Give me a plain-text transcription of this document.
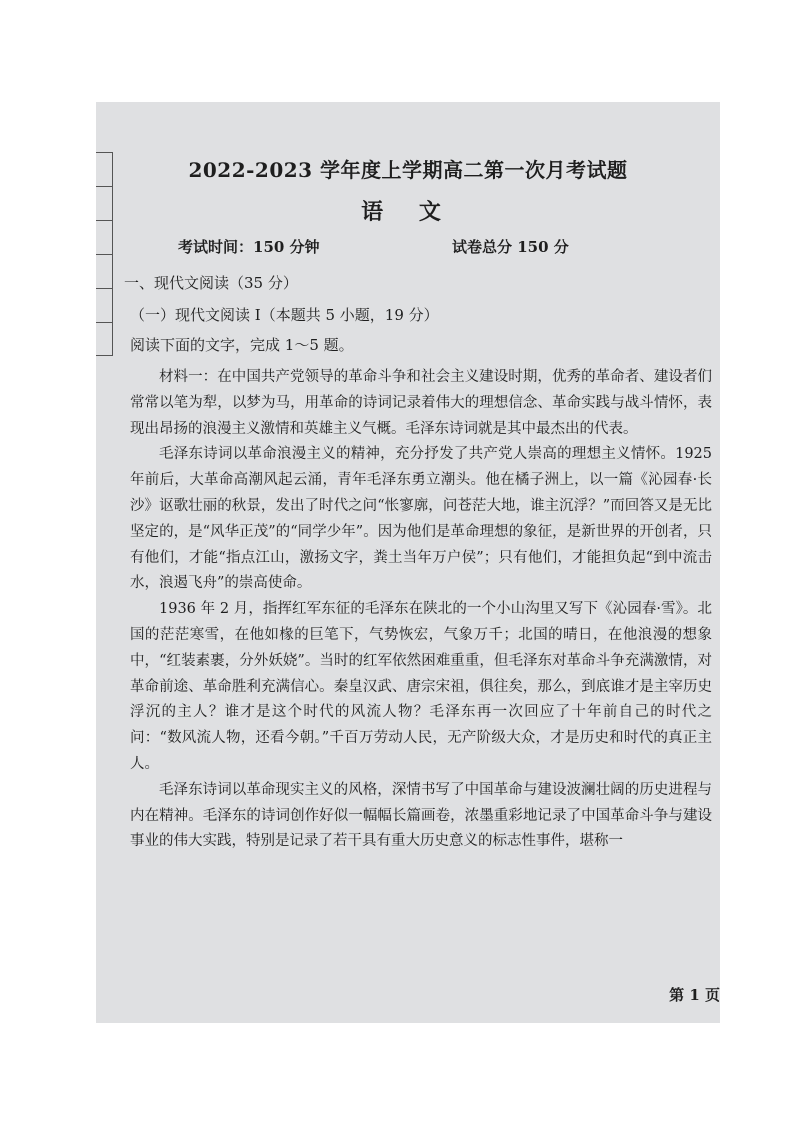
2022-2023 学年度上学期高二第一次月考试题
语 文
考试时间：150 分钟	试卷总分 150 分
一、现代文阅读（35 分）
（一）现代文阅读 I（本题共 5 小题，19 分）
阅读下面的文字，完成 1～5 题。

材料一：在中国共产党领导的革命斗争和社会主义建设时期，优秀的革命者、建设者们常常以笔为犁，以梦为马，用革命的诗词记录着伟大的理想信念、革命实践与战斗情怀，表现出昂扬的浪漫主义激情和英雄主义气概。毛泽东诗词就是其中最杰出的代表。

毛泽东诗词以革命浪漫主义的精神，充分抒发了共产党人崇高的理想主义情怀。1925 年前后，大革命高潮风起云涌，青年毛泽东勇立潮头。他在橘子洲上，以一篇《沁园春·长沙》讴歌壮丽的秋景，发出了时代之问“怅寥廓，问苍茫大地，谁主沉浮？”而回答又是无比坚定的，是“风华正茂”的“同学少年”。因为他们是革命理想的象征，是新世界的开创者，只有他们，才能“指点江山，激扬文字，粪土当年万户侯”；只有他们，才能担负起“到中流击水，浪遏飞舟”的崇高使命。

1936 年 2 月，指挥红军东征的毛泽东在陕北的一个小山沟里又写下《沁园春·雪》。北国的茫茫寒雪，在他如椽的巨笔下，气势恢宏，气象万千；北国的晴日，在他浪漫的想象中，“红装素裹，分外妖娆”。当时的红军依然困难重重，但毛泽东对革命斗争充满激情，对革命前途、革命胜利充满信心。秦皇汉武、唐宗宋祖，俱往矣，那么，到底谁才是主宰历史浮沉的主人？谁才是这个时代的风流人物？毛泽东再一次回应了十年前自己的时代之问：“数风流人物，还看今朝。”千百万劳动人民，无产阶级大众，才是历史和时代的真正主人。

毛泽东诗词以革命现实主义的风格，深情书写了中国革命与建设波澜壮阔的历史进程与内在精神。毛泽东的诗词创作好似一幅幅长篇画卷，浓墨重彩地记录了中国革命斗争与建设事业的伟大实践，特别是记录了若干具有重大历史意义的标志性事件，堪称一

第 1 页
